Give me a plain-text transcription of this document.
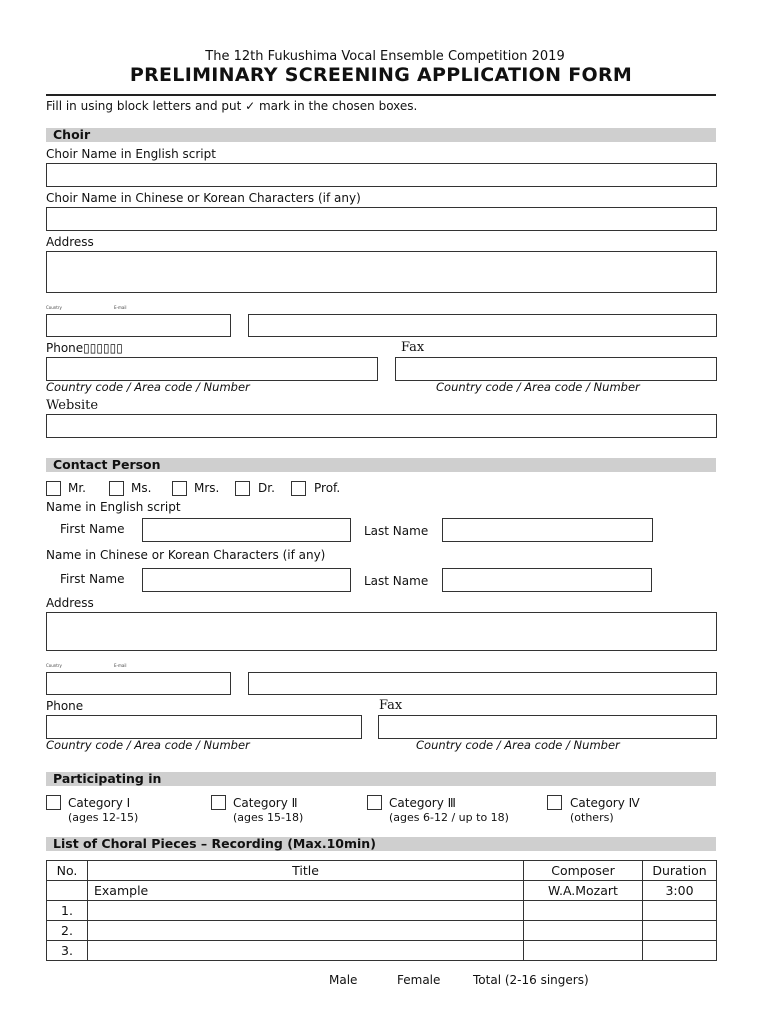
The 12th Fukushima Vocal Ensemble Competition 2019
PRELIMINARY SCREENING APPLICATION FORM
Fill in using block letters and put ✓ mark in the chosen boxes.
Choir
Choir Name in English script
Choir Name in Chinese or Korean Characters (if any)
Address
Country	E-mail
Phone▯▯▯▯▯▯	Fax
Country code / Area code / Number	Country code / Area code / Number
Website
Contact Person
Mr.	Ms.	Mrs.	Dr.	Prof.
Name in English script
First Name	Last Name
Name in Chinese or Korean Characters (if any)
First Name	Last Name
Address
Country	E-mail
Phone	Fax
Country code / Area code / Number	Country code / Area code / Number
Participating in
Category Ⅰ
(ages 12-15)
Category Ⅱ
(ages 15-18)
Category Ⅲ
(ages 6-12 / up to 18)
Category Ⅳ
(others)
List of Choral Pieces – Recording (Max.10min)
No.	Title	Composer	Duration
	Example	W.A.Mozart	3:00
1.			
2.			
3.			
Male	Female	Total (2-16 singers)
